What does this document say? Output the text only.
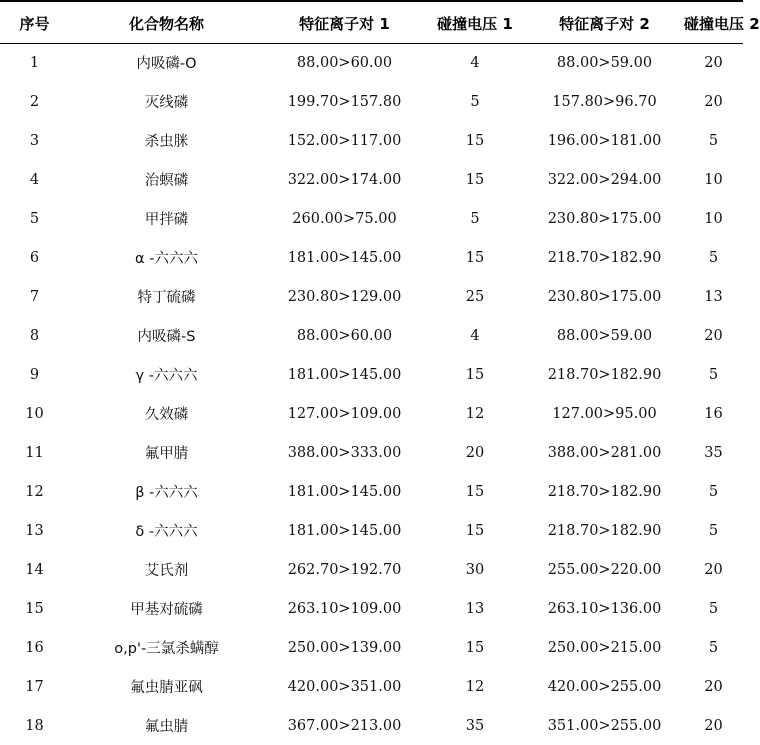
序号	化合物名称	特征离子对 1	碰撞电压 1	特征离子对 2	碰撞电压 2
1	内吸磷-O	88.00>60.00	4	88.00>59.00	20
2	灭线磷	199.70>157.80	5	157.80>96.70	20
3	杀虫脒	152.00>117.00	15	196.00>181.00	5
4	治螟磷	322.00>174.00	15	322.00>294.00	10
5	甲拌磷	260.00>75.00	5	230.80>175.00	10
6	α -六六六	181.00>145.00	15	218.70>182.90	5
7	特丁硫磷	230.80>129.00	25	230.80>175.00	13
8	内吸磷-S	88.00>60.00	4	88.00>59.00	20
9	γ -六六六	181.00>145.00	15	218.70>182.90	5
10	久效磷	127.00>109.00	12	127.00>95.00	16
11	氟甲腈	388.00>333.00	20	388.00>281.00	35
12	β -六六六	181.00>145.00	15	218.70>182.90	5
13	δ -六六六	181.00>145.00	15	218.70>182.90	5
14	艾氏剂	262.70>192.70	30	255.00>220.00	20
15	甲基对硫磷	263.10>109.00	13	263.10>136.00	5
16	o,p'-三氯杀螨醇	250.00>139.00	15	250.00>215.00	5
17	氟虫腈亚砜	420.00>351.00	12	420.00>255.00	20
18	氟虫腈	367.00>213.00	35	351.00>255.00	20
